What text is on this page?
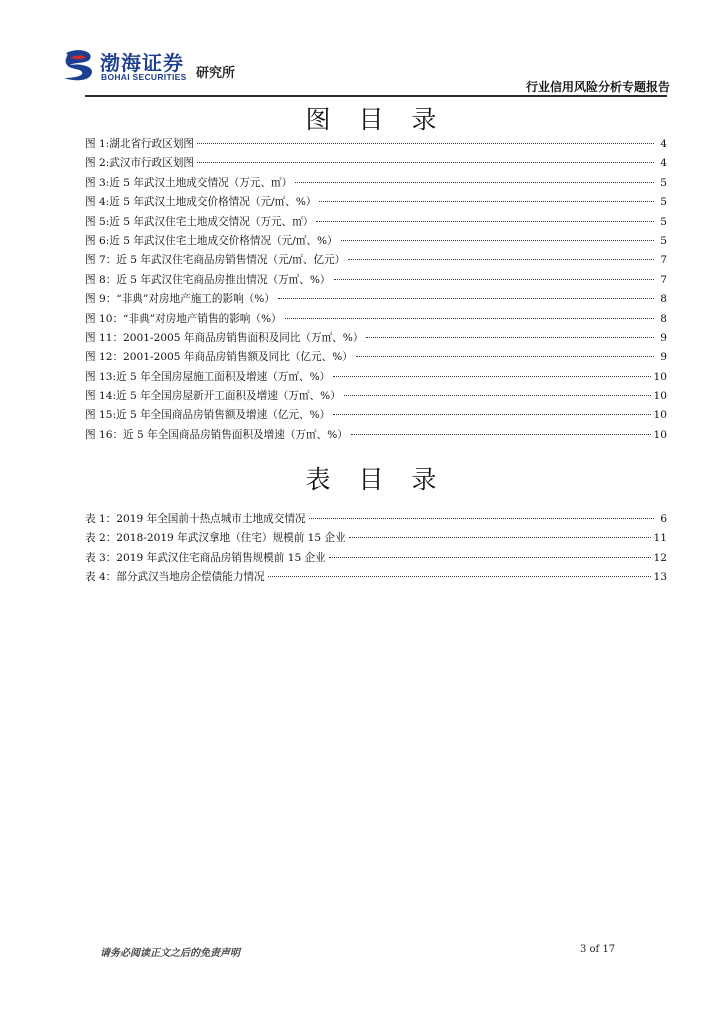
渤海证券
BOHAI SECURITIES 研究所
行业信用风险分析专题报告
图 目 录
图 1:湖北省行政区划图	4
图 2:武汉市行政区划图	4
图 3:近 5 年武汉土地成交情况（万元、㎡）	5
图 4:近 5 年武汉土地成交价格情况（元/㎡、%）	5
图 5:近 5 年武汉住宅土地成交情况（万元、㎡）	5
图 6:近 5 年武汉住宅土地成交价格情况（元/㎡、%）	5
图 7：近 5 年武汉住宅商品房销售情况（元/㎡、亿元）	7
图 8：近 5 年武汉住宅商品房推出情况（万㎡、%）	7
图 9：“非典”对房地产施工的影响（%）	8
图 10：“非典”对房地产销售的影响（%）	8
图 11：2001-2005 年商品房销售面积及同比（万㎡、%）	9
图 12：2001-2005 年商品房销售额及同比（亿元、%）	9
图 13:近 5 年全国房屋施工面积及增速（万㎡、%）	10
图 14:近 5 年全国房屋新开工面积及增速（万㎡、%）	10
图 15:近 5 年全国商品房销售额及增速（亿元、%）	10
图 16：近 5 年全国商品房销售面积及增速（万㎡、%）	10
表 目 录
表 1：2019 年全国前十热点城市土地成交情况	6
表 2：2018-2019 年武汉拿地（住宅）规模前 15 企业	11
表 3：2019 年武汉住宅商品房销售规模前 15 企业	12
表 4：部分武汉当地房企偿债能力情况	13
请务必阅读正文之后的免责声明	3 of 17
